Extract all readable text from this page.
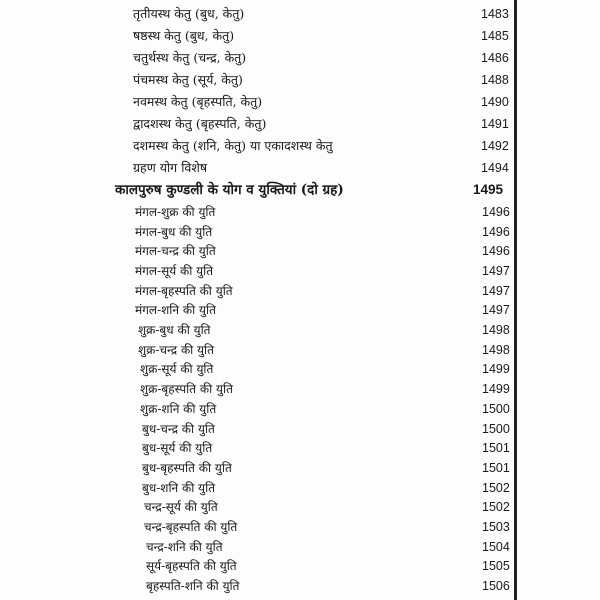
तृतीयस्थ केतु (बुध, केतु)	1483
षष्ठस्थ केतु (बुध, केतु)	1485
चतुर्थस्थ केतु (चन्द्र, केतु)	1486
पंचमस्थ केतु (सूर्य, केतु)	1488
नवमस्थ केतु (बृहस्पति, केतु)	1490
द्वादशस्थ केतु (बृहस्पति, केतु)	1491
दशमस्थ केतु (शनि, केतु) या एकादशस्थ केतु	1492
ग्रहण योग विशेष	1494
कालपुरुष कुण्डली के योग व युक्तियां (दो ग्रह)	1495
मंगल-शुक्र की युति	1496
मंगल-बुध की युति	1496
मंगल-चन्द्र की युति	1496
मंगल-सूर्य की युति	1497
मंगल-बृहस्पति की युति	1497
मंगल-शनि की युति	1497
शुक्र-बुध की युति	1498
शुक्र-चन्द्र की युति	1498
शुक्र-सूर्य की युति	1499
शुक्र-बृहस्पति की युति	1499
शुक्र-शनि की युति	1500
बुध-चन्द्र की युति	1500
बुध-सूर्य की युति	1501
बुध-बृहस्पति की युति	1501
बुध-शनि की युति	1502
चन्द्र-सूर्य की युति	1502
चन्द्र-बृहस्पति की युति	1503
चन्द्र-शनि की युति	1504
सूर्य-बृहस्पति की युति	1505
बृहस्पति-शनि की युति	1506
